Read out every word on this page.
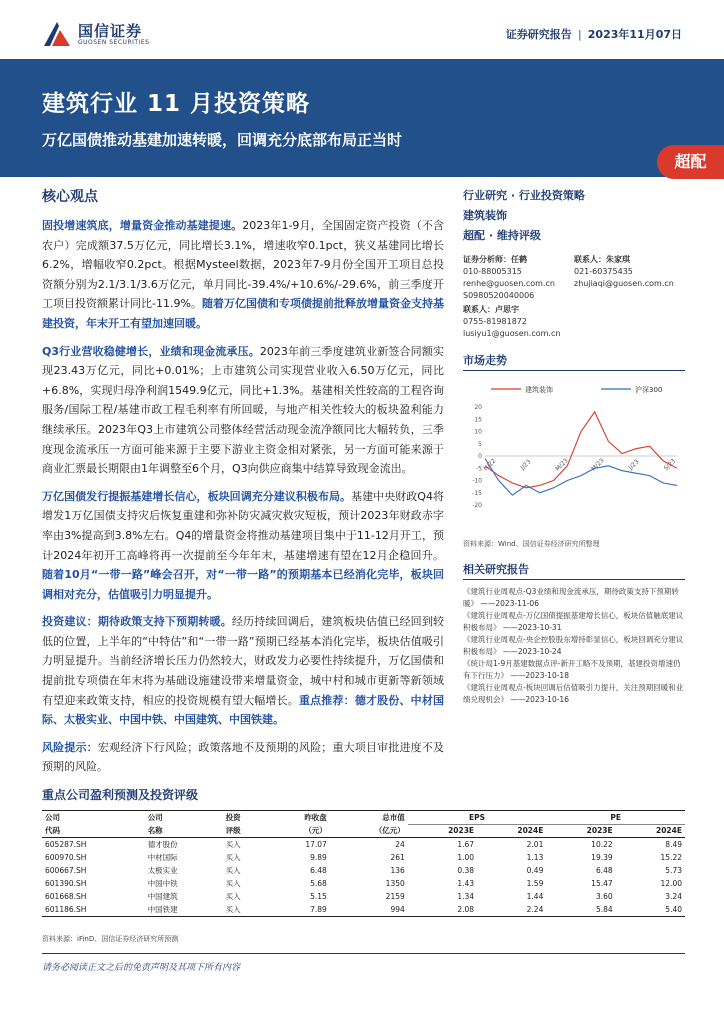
国信证券
GUOSEN SECURITIES
证券研究报告 | 2023年11月07日
建筑行业 11 月投资策略
万亿国债推动基建加速转暖，回调充分底部布局正当时
超配
核心观点

固投增速筑底，增量资金推动基建提速。2023年1-9月，全国固定资产投资（不含农户）完成额37.5万亿元，同比增长3.1%，增速收窄0.1pct，狭义基建同比增长6.2%，增幅收窄0.2pct。根据Mysteel数据，2023年7-9月份全国开工项目总投资额分别为2.1/3.1/3.6万亿元，单月同比-39.4%/+10.6%/-29.6%，前三季度开工项目投资额累计同比-11.9%。随着万亿国债和专项债提前批释放增量资金支持基建投资，年末开工有望加速回暖。

Q3行业营收稳健增长，业绩和现金流承压。2023年前三季度建筑业新签合同额实现23.43万亿元，同比+0.01%；上市建筑公司实现营业收入6.50万亿元，同比+6.8%，实现归母净利润1549.9亿元，同比+1.3%。基建相关性较高的工程咨询服务/国际工程/基建市政工程毛利率有所回暖，与地产相关性较大的板块盈利能力继续承压。2023年Q3上市建筑公司整体经营活动现金流净额同比大幅转负，三季度现金流承压一方面可能来源于主要下游业主资金相对紧张，另一方面可能来源于商业汇票最长期限由1年调整至6个月，Q3向供应商集中结算导致现金流出。

万亿国债发行提振基建增长信心，板块回调充分建议积极布局。基建中央财政Q4将增发1万亿国债支持灾后恢复重建和弥补防灾减灾救灾短板，预计2023年财政赤字率由3%提高到3.8%左右。Q4的增量资金将推动基建项目集中于11-12月开工，预计2024年初开工高峰将再一次提前至今年年末，基建增速有望在12月企稳回升。随着10月“一带一路”峰会召开，对“一带一路”的预期基本已经消化完毕，板块回调相对充分，估值吸引力明显提升。

投资建议：期待政策支持下预期转暖。经历持续回调后，建筑板块估值已经回到较低的位置，上半年的“中特估”和“一带一路”预期已经基本消化完毕，板块估值吸引力明显提升。当前经济增长压力仍然较大，财政发力必要性持续提升，万亿国债和提前批专项债在年末将为基础设施建设带来增量资金，城中村和城市更新等新领域有望迎来政策支持，相应的投资规模有望大幅增长。重点推荐：德才股份、中材国际、太极实业、中国中铁、中国建筑、中国铁建。

风险提示：宏观经济下行风险；政策落地不及预期的风险；重大项目审批进度不及预期的风险。

行业研究 · 行业投资策略
建筑装饰
超配 · 维持评级
证券分析师：任鹤
010-88005315
renhe@guosen.com.cn
S0980520040006
联系人：朱家琪
021-60375435
zhujiaqi@guosen.com.cn
联系人：卢思宇
0755-81981872
lusiyu1@guosen.com.cn
市场走势
建筑装饰	沪深300
20
15
10
5
0
-5
-10
-15
-20
N/22	J/23	M/23	M/23	J/23	S/23
资料来源：Wind、国信证券经济研究所整理
相关研究报告
《建筑行业周观点-Q3业绩和现金流承压，期待政策支持下预期转暖》 ——2023-11-06
《建筑行业周观点-万亿国债提振基建增长信心，板块估值触底建议积极布局》 ——2023-10-31
《建筑行业周观点-央企控股股东增持彰显信心，板块回调充分建议积极布局》 ——2023-10-24
《统计局1-9月基建数据点评-新开工略不及预期，基建投资增速仍有下行压力》 ——2023-10-18
《建筑行业周观点-板块回调后估值吸引力提升，关注预期回暖和业绩兑现机会》 ——2023-10-16
重点公司盈利预测及投资评级
公司	公司	投资	昨收盘	总市值	EPS		PE	
代码	名称	评级	（元）	（亿元）	2023E	2024E	2023E	2024E
605287.SH	德才股份	买入	17.07	24	1.67	2.01	10.22	8.49
600970.SH	中材国际	买入	9.89	261	1.00	1.13	19.39	15.22
600667.SH	太极实业	买入	6.48	136	0.38	0.49	6.48	5.73
601390.SH	中国中铁	买入	5.68	1350	1.43	1.59	15.47	12.00
601668.SH	中国建筑	买入	5.15	2159	1.34	1.44	3.60	3.24
601186.SH	中国铁建	买入	7.89	994	2.08	2.24	5.84	5.40
资料来源：iFinD、国信证券经济研究所预测
请务必阅读正文之后的免责声明及其项下所有内容
